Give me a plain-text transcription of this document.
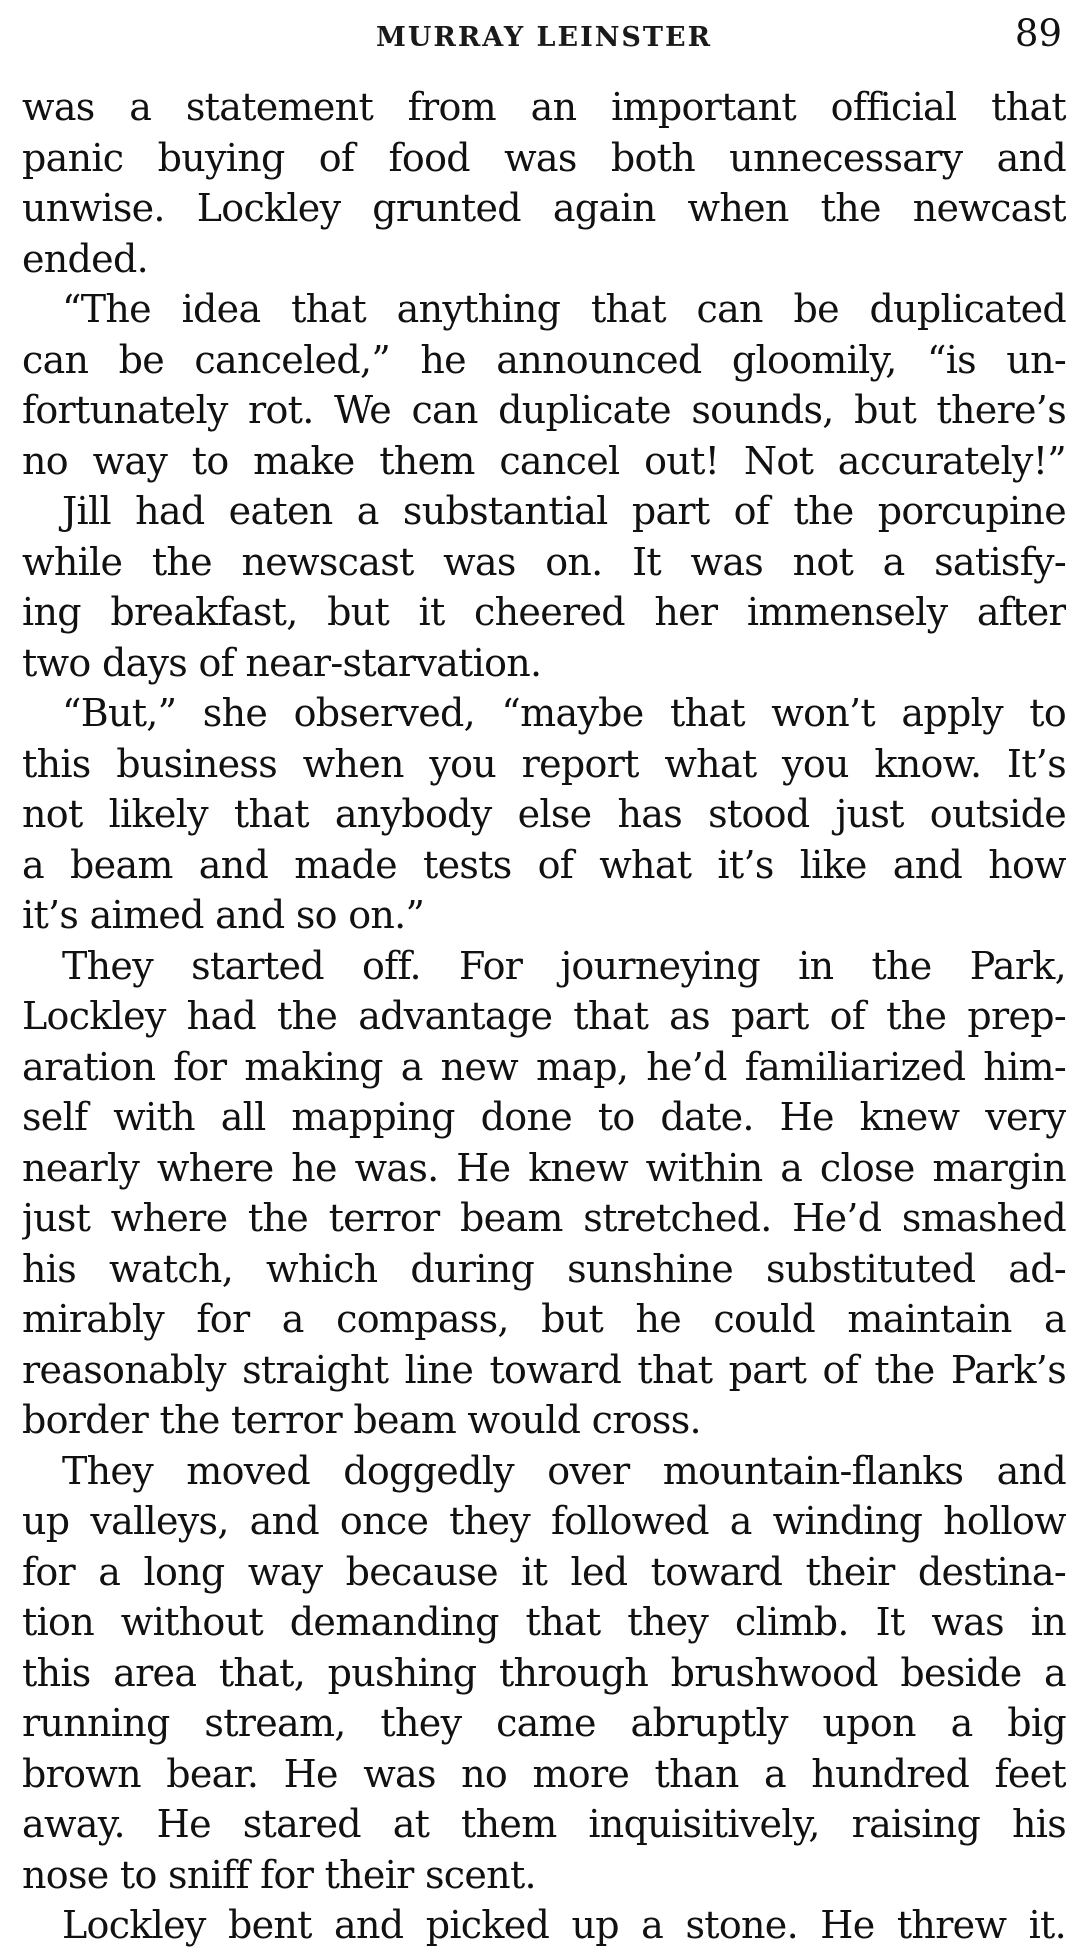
MURRAY LEINSTER	89
was a statement from an important official that
panic buying of food was both unnecessary and
unwise. Lockley grunted again when the newcast
ended.
“The idea that anything that can be duplicated
can be canceled,” he announced gloomily, “is un-
fortunately rot. We can duplicate sounds, but there’s
no way to make them cancel out! Not accurately!”
Jill had eaten a substantial part of the porcupine
while the newscast was on. It was not a satisfy-
ing breakfast, but it cheered her immensely after
two days of near-starvation.
“But,” she observed, “maybe that won’t apply to
this business when you report what you know. It’s
not likely that anybody else has stood just outside
a beam and made tests of what it’s like and how
it’s aimed and so on.”
They started off. For journeying in the Park,
Lockley had the advantage that as part of the prep-
aration for making a new map, he’d familiarized him-
self with all mapping done to date. He knew very
nearly where he was. He knew within a close margin
just where the terror beam stretched. He’d smashed
his watch, which during sunshine substituted ad-
mirably for a compass, but he could maintain a
reasonably straight line toward that part of the Park’s
border the terror beam would cross.
They moved doggedly over mountain-flanks and
up valleys, and once they followed a winding hollow
for a long way because it led toward their destina-
tion without demanding that they climb. It was in
this area that, pushing through brushwood beside a
running stream, they came abruptly upon a big
brown bear. He was no more than a hundred feet
away. He stared at them inquisitively, raising his
nose to sniff for their scent.
Lockley bent and picked up a stone. He threw it.
